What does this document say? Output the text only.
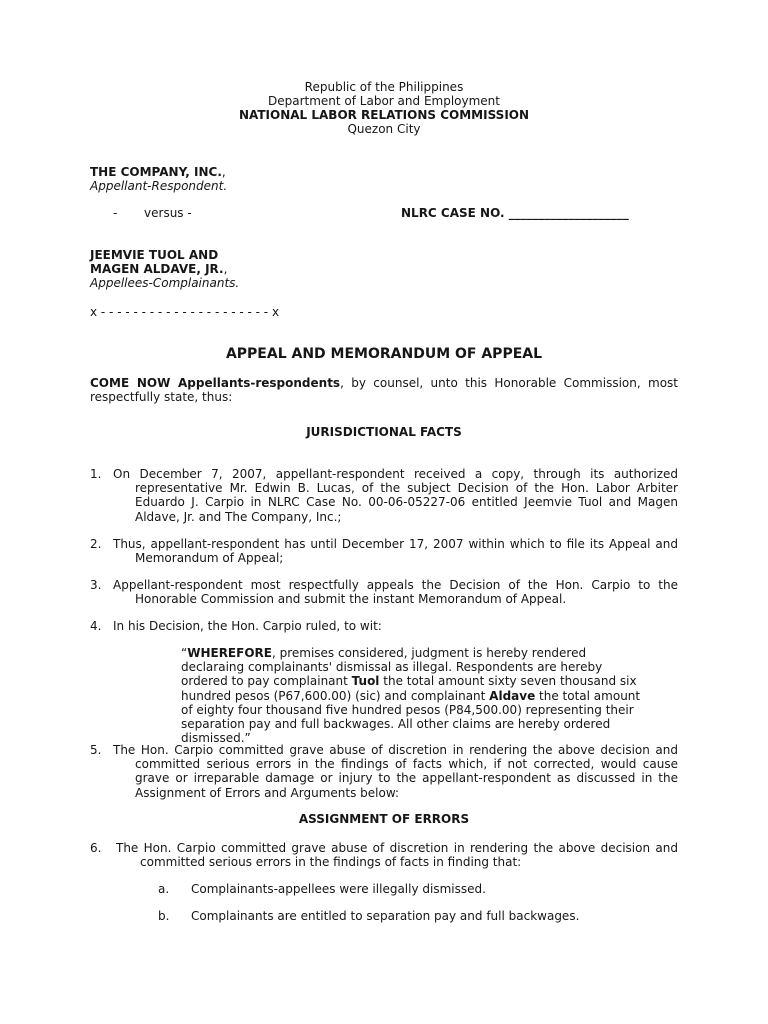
Republic of the Philippines
Department of Labor and Employment
NATIONAL LABOR RELATIONS COMMISSION
Quezon City
THE COMPANY, INC.,
Appellant-Respondent.
-       versus -	NLRC CASE NO. ____________________
JEEMVIE TUOL AND
MAGEN ALDAVE, JR.,
Appellees-Complainants.
x - - - - - - - - - - - - - - - - - - - - - x
APPEAL AND MEMORANDUM OF APPEAL
COME NOW Appellants-respondents, by counsel, unto this Honorable Commission, most respectfully state, thus:
JURISDICTIONAL FACTS
1. On December 7, 2007, appellant-respondent received a copy, through its authorized representative Mr. Edwin B. Lucas, of the subject Decision of the Hon. Labor Arbiter Eduardo J. Carpio in NLRC Case No. 00-06-05227-06 entitled Jeemvie Tuol and Magen Aldave, Jr. and The Company, Inc.;
2. Thus, appellant-respondent has until December 17, 2007 within which to file its Appeal and Memorandum of Appeal;
3. Appellant-respondent most respectfully appeals the Decision of the Hon. Carpio to the Honorable Commission and submit the instant Memorandum of Appeal.
4. In his Decision, the Hon. Carpio ruled, to wit:
“WHEREFORE, premises considered, judgment is hereby rendered declaraing complainants' dismissal as illegal. Respondents are hereby ordered to pay complainant Tuol the total amount sixty seven thousand six hundred pesos (P67,600.00) (sic) and complainant Aldave the total amount of eighty four thousand five hundred pesos (P84,500.00) representing their separation pay and full backwages. All other claims are hereby ordered dismissed.”
5. The Hon. Carpio committed grave abuse of discretion in rendering the above decision and committed serious errors in the findings of facts which, if not corrected, would cause grave or irreparable damage or injury to the appellant-respondent as discussed in the Assignment of Errors and Arguments below:
ASSIGNMENT OF ERRORS
6. The Hon. Carpio committed grave abuse of discretion in rendering the above decision and committed serious errors in the findings of facts in finding that:
a. Complainants-appellees were illegally dismissed.
b. Complainants are entitled to separation pay and full backwages.
